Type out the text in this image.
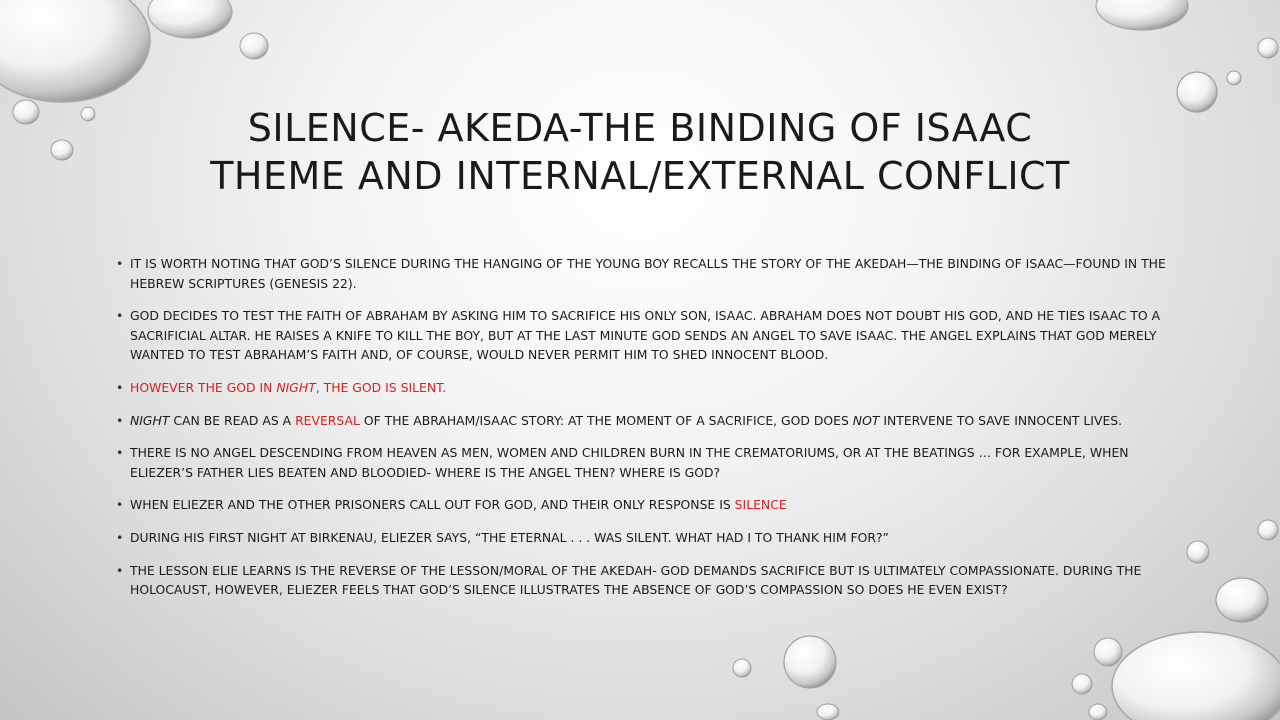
SILENCE- AKEDA-THE BINDING OF ISAAC
THEME AND INTERNAL/EXTERNAL CONFLICT
• IT IS WORTH NOTING THAT GOD’S SILENCE DURING THE HANGING OF THE YOUNG BOY RECALLS THE STORY OF THE AKEDAH—THE BINDING OF ISAAC—FOUND IN THE HEBREW SCRIPTURES (GENESIS 22).
• GOD DECIDES TO TEST THE FAITH OF ABRAHAM BY ASKING HIM TO SACRIFICE HIS ONLY SON, ISAAC. ABRAHAM DOES NOT DOUBT HIS GOD, AND HE TIES ISAAC TO A SACRIFICIAL ALTAR. HE RAISES A KNIFE TO KILL THE BOY, BUT AT THE LAST MINUTE GOD SENDS AN ANGEL TO SAVE ISAAC. THE ANGEL EXPLAINS THAT GOD MERELY WANTED TO TEST ABRAHAM’S FAITH AND, OF COURSE, WOULD NEVER PERMIT HIM TO SHED INNOCENT BLOOD.
• HOWEVER THE GOD IN NIGHT, THE GOD IS SILENT.
• NIGHT CAN BE READ AS A REVERSAL OF THE ABRAHAM/ISAAC STORY: AT THE MOMENT OF A SACRIFICE, GOD DOES NOT INTERVENE TO SAVE INNOCENT LIVES.
• THERE IS NO ANGEL DESCENDING FROM HEAVEN AS MEN, WOMEN AND CHILDREN BURN IN THE CREMATORIUMS, OR AT THE BEATINGS … FOR EXAMPLE, WHEN ELIEZER’S FATHER LIES BEATEN AND BLOODIED- WHERE IS THE ANGEL THEN? WHERE IS GOD?
• WHEN ELIEZER AND THE OTHER PRISONERS CALL OUT FOR GOD, AND THEIR ONLY RESPONSE IS SILENCE
• DURING HIS FIRST NIGHT AT BIRKENAU, ELIEZER SAYS, “THE ETERNAL . . . WAS SILENT. WHAT HAD I TO THANK HIM FOR?”
• THE LESSON ELIE LEARNS IS THE REVERSE OF THE LESSON/MORAL OF THE AKEDAH- GOD DEMANDS SACRIFICE BUT IS ULTIMATELY COMPASSIONATE. DURING THE HOLOCAUST, HOWEVER, ELIEZER FEELS THAT GOD’S SILENCE ILLUSTRATES THE ABSENCE OF GOD’S COMPASSION SO DOES HE EVEN EXIST?
